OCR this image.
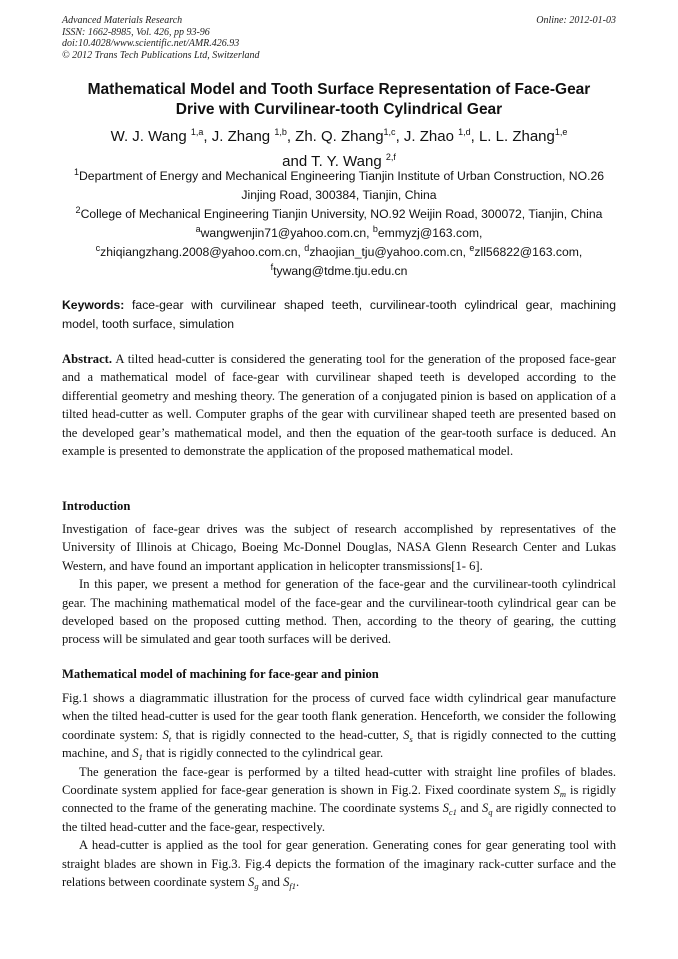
Advanced Materials Research
ISSN: 1662-8985, Vol. 426, pp 93-96
doi:10.4028/www.scientific.net/AMR.426.93
© 2012 Trans Tech Publications Ltd, Switzerland
Online: 2012-01-03
Mathematical Model and Tooth Surface Representation of Face-Gear
Drive with Curvilinear-tooth Cylindrical Gear
W. J. Wang $^{1,a}$, J. Zhang $^{1,b}$, Zh. Q. Zhang$^{1,c}$, J. Zhao $^{1,d}$, L. L. Zhang$^{1,e}$
and T. Y. Wang $^{2,f}$
$^1$Department of Energy and Mechanical Engineering Tianjin Institute of Urban Construction, NO.26
Jinjing Road, 300384, Tianjin, China
$^2$College of Mechanical Engineering Tianjin University, NO.92 Weijin Road, 300072, Tianjin, China
$^a$wangwenjin71@yahoo.com.cn, $^b$emmyzj@163.com,
$^c$zhiqiangzhang.2008@yahoo.com.cn, $^d$zhaojian_tju@yahoo.com.cn, $^e$zll56822@163.com,
$^f$tywang@tdme.tju.edu.cn
Keywords: face-gear with curvilinear shaped teeth, curvilinear-tooth cylindrical gear, machining model, tooth surface, simulation

Abstract. A tilted head-cutter is considered the generating tool for the generation of the proposed face-gear and a mathematical model of face-gear with curvilinear shaped teeth is developed according to the differential geometry and meshing theory. The generation of a conjugated pinion is based on application of a tilted head-cutter as well. Computer graphs of the gear with curvilinear shaped teeth are presented based on the developed gear’s mathematical model, and then the equation of the gear-tooth surface is deduced. An example is presented to demonstrate the application of the proposed mathematical model.

Introduction

Investigation of face-gear drives was the subject of research accomplished by representatives of the University of Illinois at Chicago, Boeing Mc-Donnel Douglas, NASA Glenn Research Center and Lukas Western, and have found an important application in helicopter transmissions[1- 6].

In this paper, we present a method for generation of the face-gear and the curvilinear-tooth cylindrical gear. The machining mathematical model of the face-gear and the curvilinear-tooth cylindrical gear can be developed based on the proposed cutting method. Then, according to the theory of gearing, the cutting process will be simulated and gear tooth surfaces will be derived.

Mathematical model of machining for face-gear and pinion

Fig.1 shows a diagrammatic illustration for the process of curved face width cylindrical gear manufacture when the tilted head-cutter is used for the gear tooth flank generation. Henceforth, we consider the following coordinate system: $S_t$ that is rigidly connected to the head-cutter, $S_s$ that is rigidly connected to the cutting machine, and $S_1$ that is rigidly connected to the cylindrical gear.

The generation the face-gear is performed by a tilted head-cutter with straight line profiles of blades. Coordinate system applied for face-gear generation is shown in Fig.2. Fixed coordinate system $S_m$ is rigidly connected to the frame of the generating machine. The coordinate systems $S_{c1}$ and $S_q$ are rigidly connected to the tilted head-cutter and the face-gear, respectively.

A head-cutter is applied as the tool for gear generation. Generating cones for gear generating tool with straight blades are shown in Fig.3. Fig.4 depicts the formation of the imaginary rack-cutter surface and the relations between coordinate system $S_g$ and $S_{f1}$.
